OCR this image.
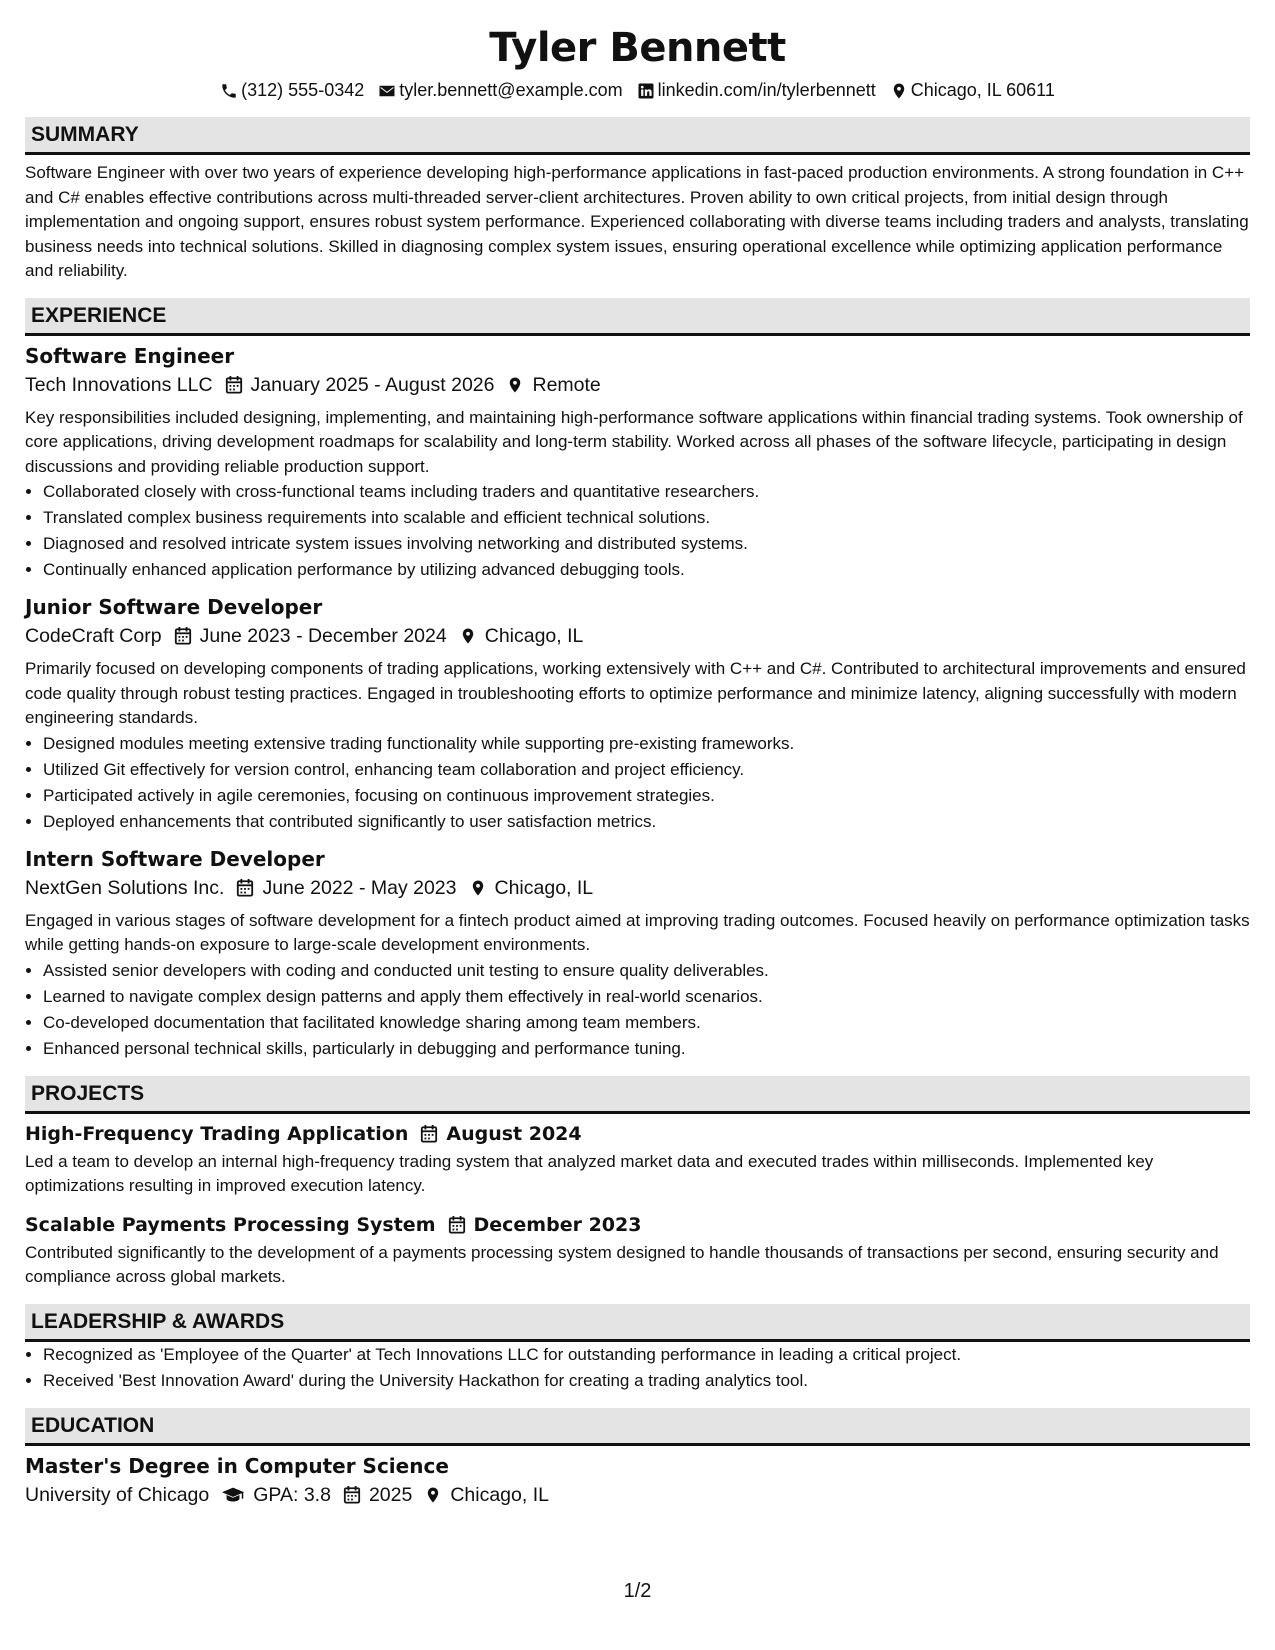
Tyler Bennett
(312) 555-0342 tyler.bennett@example.com linkedin.com/in/tylerbennett Chicago, IL 60611
SUMMARY

Software Engineer with over two years of experience developing high-performance applications in fast-paced production environments. A strong foundation in C++ and C# enables effective contributions across multi-threaded server-client architectures. Proven ability to own critical projects, from initial design through implementation and ongoing support, ensures robust system performance. Experienced collaborating with diverse teams including traders and analysts, translating business needs into technical solutions. Skilled in diagnosing complex system issues, ensuring operational excellence while optimizing application performance and reliability.

EXPERIENCE
Software Engineer
Tech Innovations LLC January 2025 - August 2026 Remote

Key responsibilities included designing, implementing, and maintaining high-performance software applications within financial trading systems. Took ownership of core applications, driving development roadmaps for scalability and long-term stability. Worked across all phases of the software lifecycle, participating in design discussions and providing reliable production support.

• Collaborated closely with cross-functional teams including traders and quantitative researchers.
• Translated complex business requirements into scalable and efficient technical solutions.
• Diagnosed and resolved intricate system issues involving networking and distributed systems.
• Continually enhanced application performance by utilizing advanced debugging tools.
Junior Software Developer
CodeCraft Corp June 2023 - December 2024 Chicago, IL

Primarily focused on developing components of trading applications, working extensively with C++ and C#. Contributed to architectural improvements and ensured code quality through robust testing practices. Engaged in troubleshooting efforts to optimize performance and minimize latency, aligning successfully with modern engineering standards.

• Designed modules meeting extensive trading functionality while supporting pre-existing frameworks.
• Utilized Git effectively for version control, enhancing team collaboration and project efficiency.
• Participated actively in agile ceremonies, focusing on continuous improvement strategies.
• Deployed enhancements that contributed significantly to user satisfaction metrics.
Intern Software Developer
NextGen Solutions Inc. June 2022 - May 2023 Chicago, IL

Engaged in various stages of software development for a fintech product aimed at improving trading outcomes. Focused heavily on performance optimization tasks while getting hands-on exposure to large-scale development environments.

• Assisted senior developers with coding and conducted unit testing to ensure quality deliverables.
• Learned to navigate complex design patterns and apply them effectively in real-world scenarios.
• Co-developed documentation that facilitated knowledge sharing among team members.
• Enhanced personal technical skills, particularly in debugging and performance tuning.
PROJECTS
High-Frequency Trading Application August 2024

Led a team to develop an internal high-frequency trading system that analyzed market data and executed trades within milliseconds. Implemented key optimizations resulting in improved execution latency.

Scalable Payments Processing System December 2023

Contributed significantly to the development of a payments processing system designed to handle thousands of transactions per second, ensuring security and compliance across global markets.

LEADERSHIP & AWARDS
• Recognized as 'Employee of the Quarter' at Tech Innovations LLC for outstanding performance in leading a critical project.
• Received 'Best Innovation Award' during the University Hackathon for creating a trading analytics tool.
EDUCATION
Master's Degree in Computer Science
University of Chicago GPA: 3.8 2025 Chicago, IL
1/2
